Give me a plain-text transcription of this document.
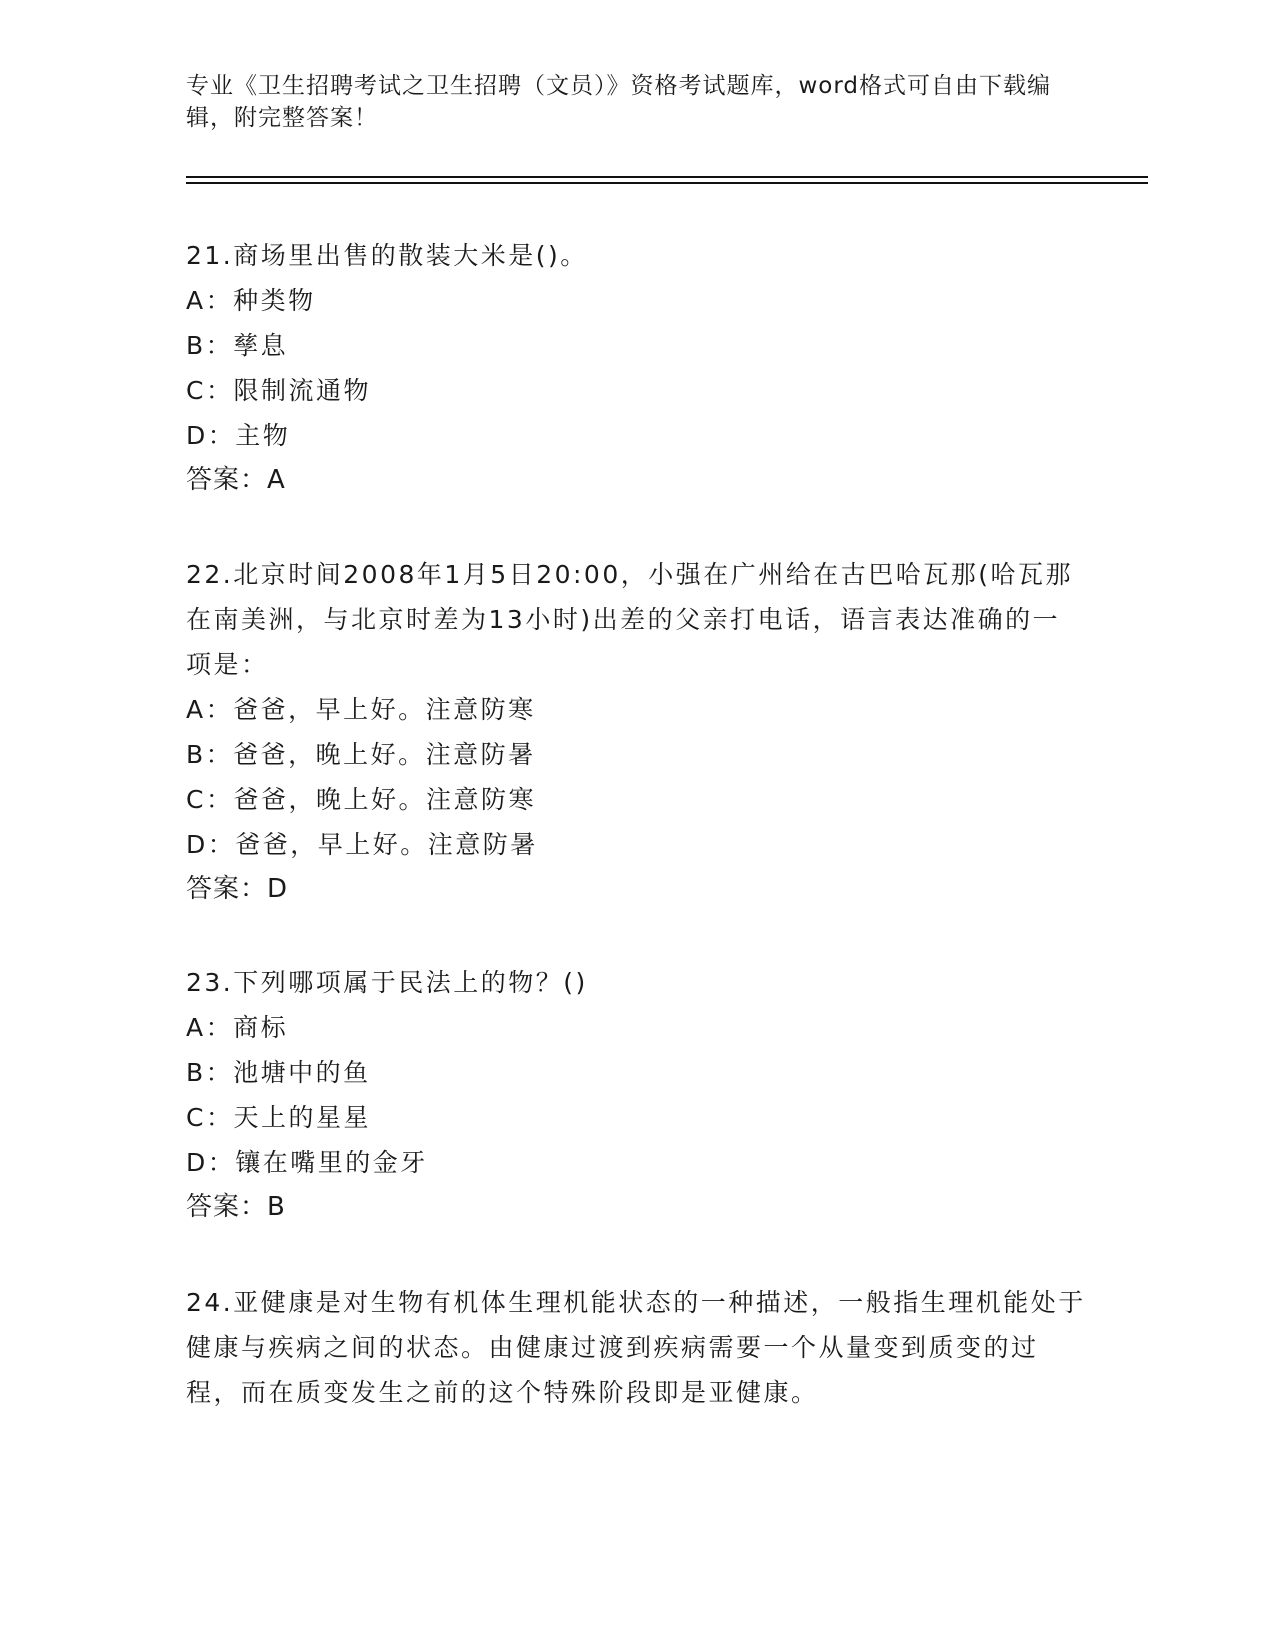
专业《卫生招聘考试之卫生招聘（文员）》资格考试题库，word格式可自由下载编辑，附完整答案！
21.商场里出售的散装大米是()。
A：种类物
B：孳息
C：限制流通物
D：主物
答案：A
22.北京时间2008年1月5日20:00，小强在广州给在古巴哈瓦那(哈瓦那在南美洲，与北京时差为13小时)出差的父亲打电话，语言表达准确的一项是：
A：爸爸，早上好。注意防寒
B：爸爸，晚上好。注意防暑
C：爸爸，晚上好。注意防寒
D：爸爸，早上好。注意防暑
答案：D
23.下列哪项属于民法上的物？()
A：商标
B：池塘中的鱼
C：天上的星星
D：镶在嘴里的金牙
答案：B
24.亚健康是对生物有机体生理机能状态的一种描述，一般指生理机能处于健康与疾病之间的状态。由健康过渡到疾病需要一个从量变到质变的过程，而在质变发生之前的这个特殊阶段即是亚健康。
